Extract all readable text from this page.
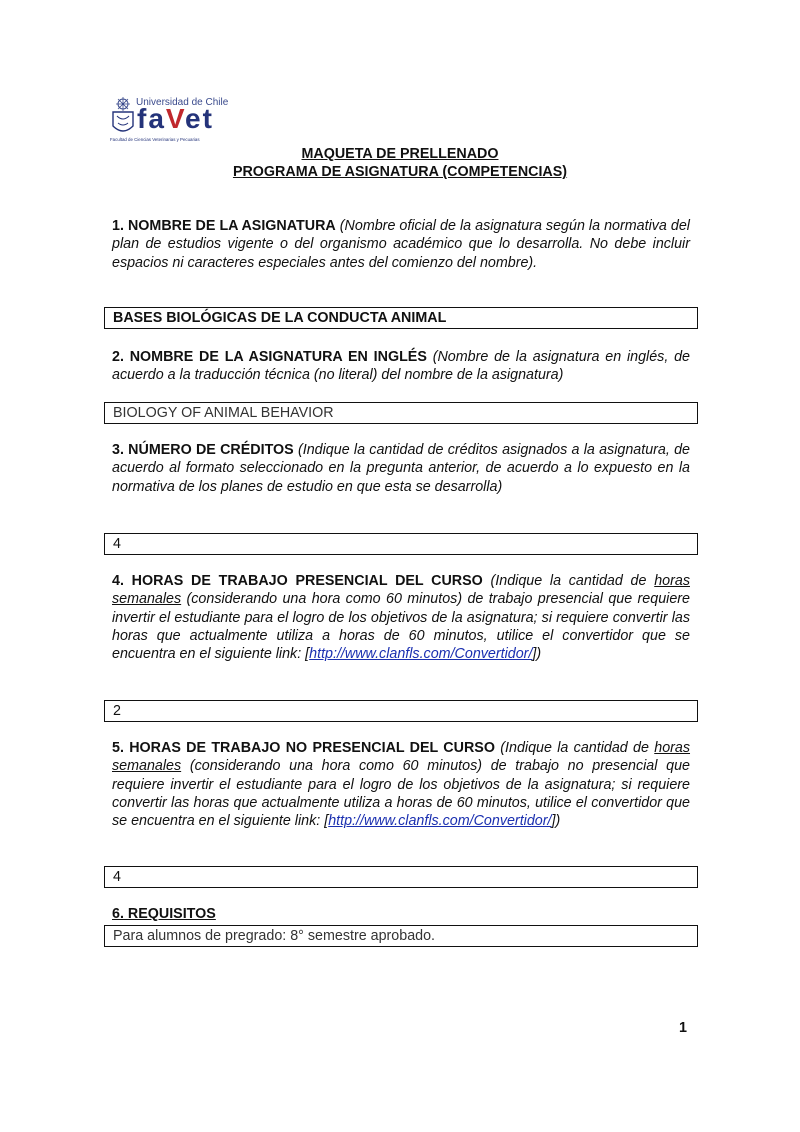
Universidad de Chile
faVet
Facultad de Ciencias Veterinarias y Pecuarias
MAQUETA DE PRELLENADO
PROGRAMA DE ASIGNATURA (COMPETENCIAS)
1. NOMBRE DE LA ASIGNATURA (Nombre oficial de la asignatura según la normativa del plan de estudios vigente o del organismo académico que lo desarrolla. No debe incluir espacios ni caracteres especiales antes del comienzo del nombre).
BASES BIOLÓGICAS DE LA CONDUCTA ANIMAL
2. NOMBRE DE LA ASIGNATURA EN INGLÉS (Nombre de la asignatura en inglés, de acuerdo a la traducción técnica (no literal) del nombre de la asignatura)
BIOLOGY OF ANIMAL BEHAVIOR
3. NÚMERO DE CRÉDITOS (Indique la cantidad de créditos asignados a la asignatura, de acuerdo al formato seleccionado en la pregunta anterior, de acuerdo a lo expuesto en la normativa de los planes de estudio en que esta se desarrolla)
4
4. HORAS DE TRABAJO PRESENCIAL DEL CURSO (Indique la cantidad de horas semanales (considerando una hora como 60 minutos) de trabajo presencial que requiere invertir el estudiante para el logro de los objetivos de la asignatura; si requiere convertir las horas que actualmente utiliza a horas de 60 minutos, utilice el convertidor que se encuentra en el siguiente link: [http://www.clanfls.com/Convertidor/])
2
5. HORAS DE TRABAJO NO PRESENCIAL DEL CURSO (Indique la cantidad de horas semanales (considerando una hora como 60 minutos) de trabajo no presencial que requiere invertir el estudiante para el logro de los objetivos de la asignatura; si requiere convertir las horas que actualmente utiliza a horas de 60 minutos, utilice el convertidor que se encuentra en el siguiente link: [http://www.clanfls.com/Convertidor/])
4
6. REQUISITOS
Para alumnos de pregrado: 8° semestre aprobado.
1
